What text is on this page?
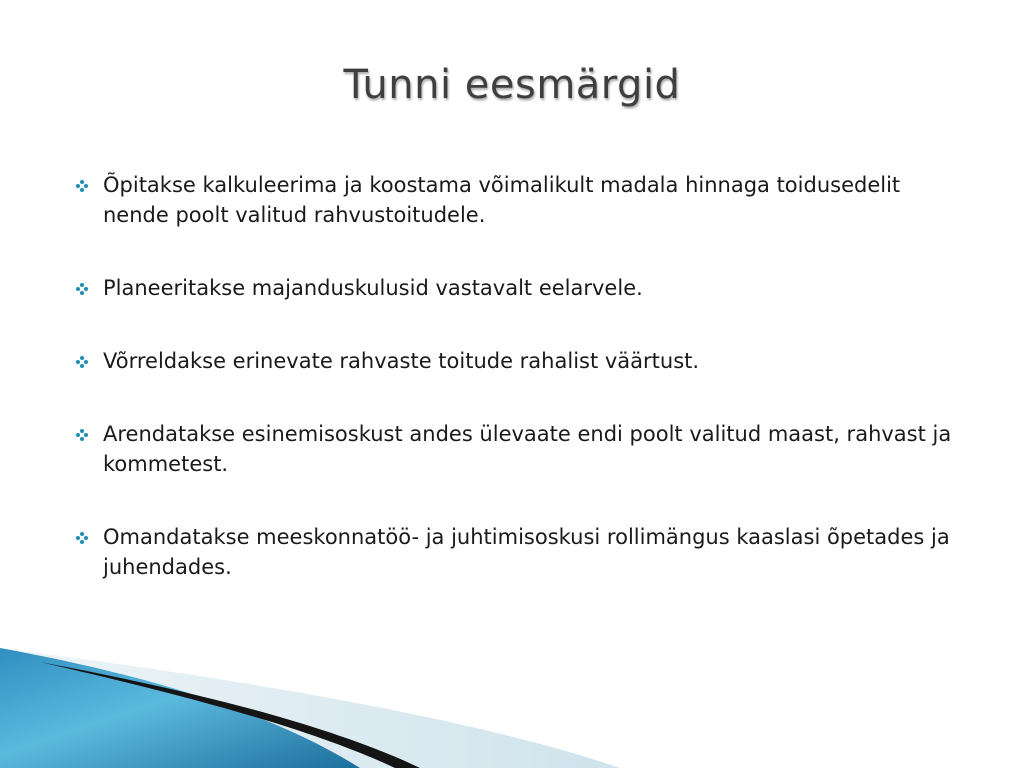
Tunni eesmärgid
Õpitakse kalkuleerima ja koostama võimalikult madala hinnaga toidusedelit nende poolt valitud rahvustoitudele.
Planeeritakse majanduskulusid vastavalt eelarvele.
Võrreldakse erinevate rahvaste toitude rahalist väärtust.
Arendatakse esinemisoskust andes ülevaate endi poolt valitud maast, rahvast ja kommetest.
Omandatakse meeskonnatöö- ja juhtimisoskusi rollimängus kaaslasi õpetades ja juhendades.
